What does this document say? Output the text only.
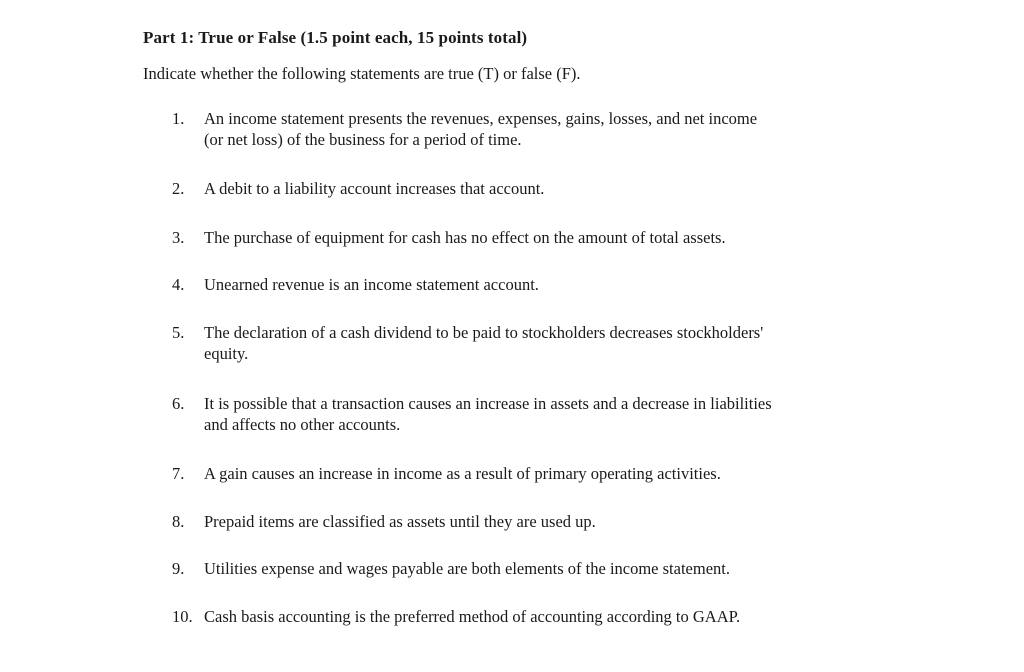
Part 1: True or False (1.5 point each, 15 points total)
Indicate whether the following statements are true (T) or false (F).
1.	An income statement presents the revenues, expenses, gains, losses, and net income
(or net loss) of the business for a period of time.
2.	A debit to a liability account increases that account.
3.	The purchase of equipment for cash has no effect on the amount of total assets.
4.	Unearned revenue is an income statement account.
5.	The declaration of a cash dividend to be paid to stockholders decreases stockholders'
equity.
6.	It is possible that a transaction causes an increase in assets and a decrease in liabilities
and affects no other accounts.
7.	A gain causes an increase in income as a result of primary operating activities.
8.	Prepaid items are classified as assets until they are used up.
9.	Utilities expense and wages payable are both elements of the income statement.
10. Cash basis accounting is the preferred method of accounting according to GAAP.
